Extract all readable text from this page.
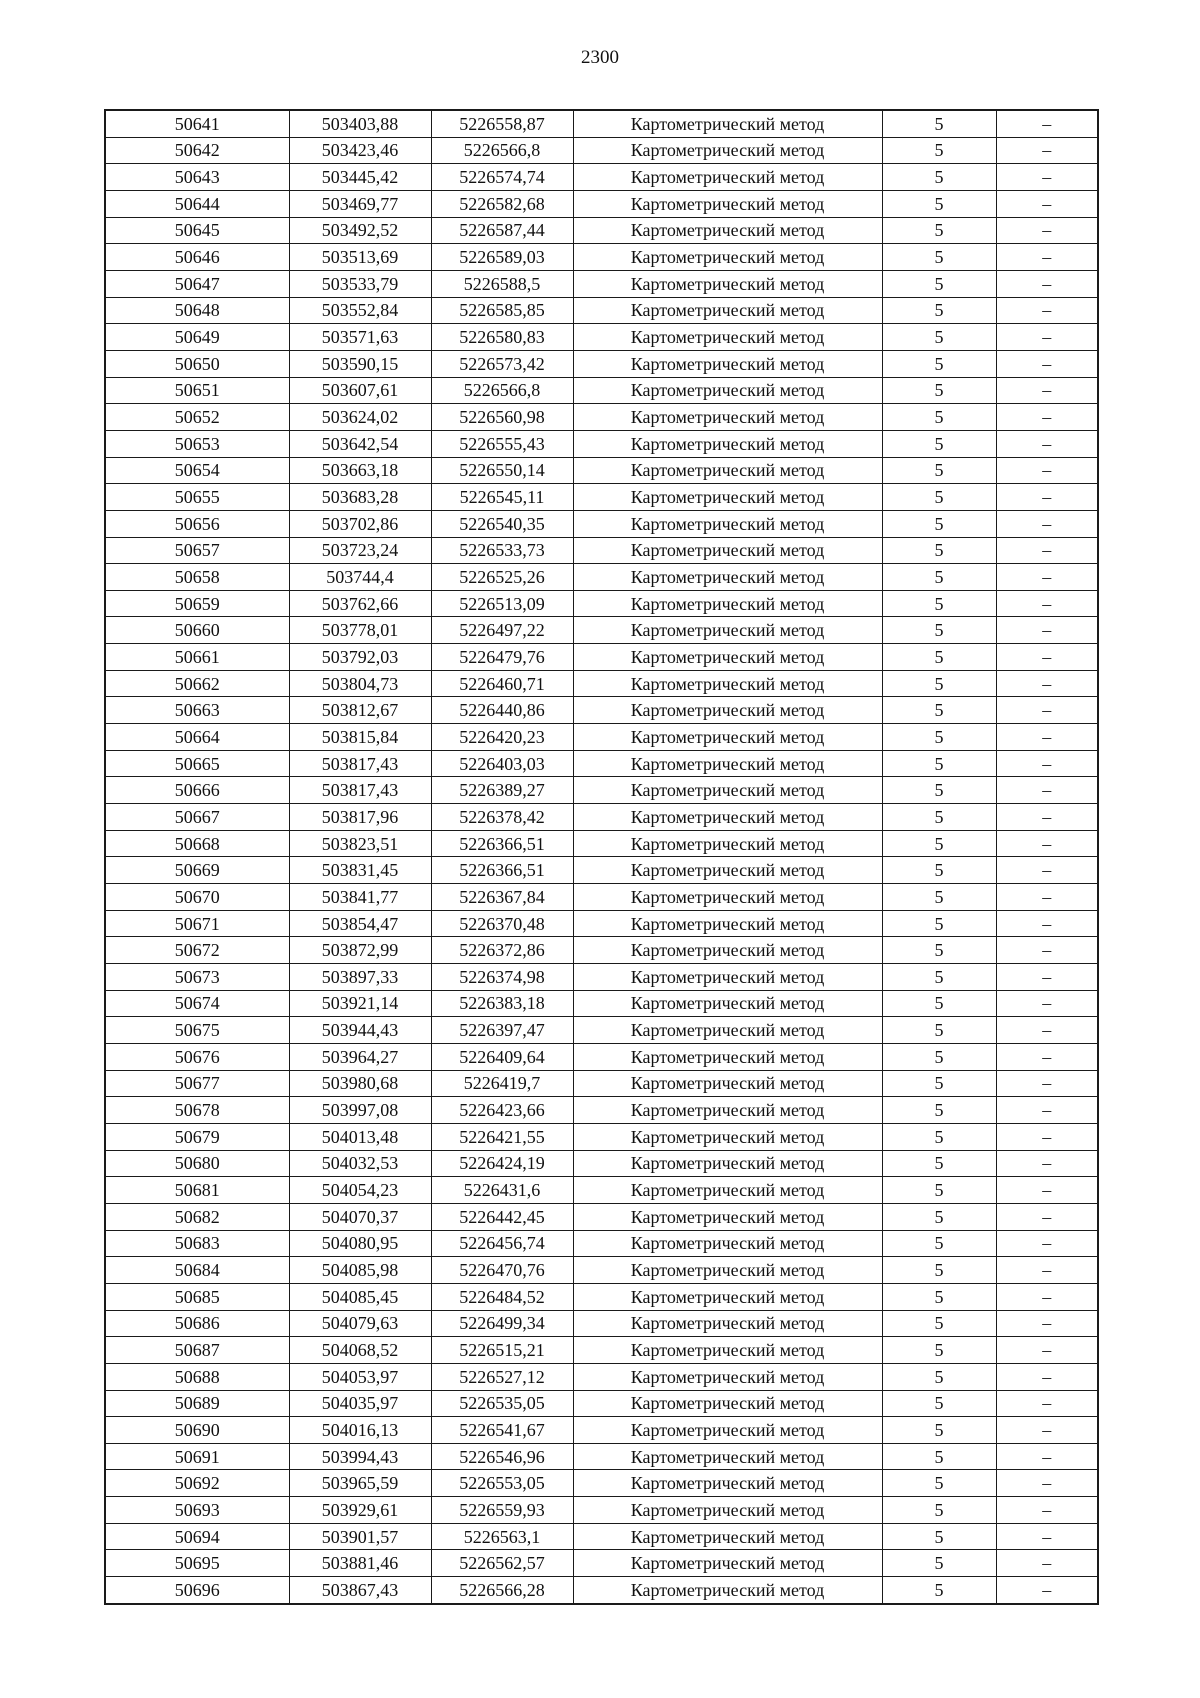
2300
50641	503403,88	5226558,87	Картометрический метод	5	–
50642	503423,46	5226566,8	Картометрический метод	5	–
50643	503445,42	5226574,74	Картометрический метод	5	–
50644	503469,77	5226582,68	Картометрический метод	5	–
50645	503492,52	5226587,44	Картометрический метод	5	–
50646	503513,69	5226589,03	Картометрический метод	5	–
50647	503533,79	5226588,5	Картометрический метод	5	–
50648	503552,84	5226585,85	Картометрический метод	5	–
50649	503571,63	5226580,83	Картометрический метод	5	–
50650	503590,15	5226573,42	Картометрический метод	5	–
50651	503607,61	5226566,8	Картометрический метод	5	–
50652	503624,02	5226560,98	Картометрический метод	5	–
50653	503642,54	5226555,43	Картометрический метод	5	–
50654	503663,18	5226550,14	Картометрический метод	5	–
50655	503683,28	5226545,11	Картометрический метод	5	–
50656	503702,86	5226540,35	Картометрический метод	5	–
50657	503723,24	5226533,73	Картометрический метод	5	–
50658	503744,4	5226525,26	Картометрический метод	5	–
50659	503762,66	5226513,09	Картометрический метод	5	–
50660	503778,01	5226497,22	Картометрический метод	5	–
50661	503792,03	5226479,76	Картометрический метод	5	–
50662	503804,73	5226460,71	Картометрический метод	5	–
50663	503812,67	5226440,86	Картометрический метод	5	–
50664	503815,84	5226420,23	Картометрический метод	5	–
50665	503817,43	5226403,03	Картометрический метод	5	–
50666	503817,43	5226389,27	Картометрический метод	5	–
50667	503817,96	5226378,42	Картометрический метод	5	–
50668	503823,51	5226366,51	Картометрический метод	5	–
50669	503831,45	5226366,51	Картометрический метод	5	–
50670	503841,77	5226367,84	Картометрический метод	5	–
50671	503854,47	5226370,48	Картометрический метод	5	–
50672	503872,99	5226372,86	Картометрический метод	5	–
50673	503897,33	5226374,98	Картометрический метод	5	–
50674	503921,14	5226383,18	Картометрический метод	5	–
50675	503944,43	5226397,47	Картометрический метод	5	–
50676	503964,27	5226409,64	Картометрический метод	5	–
50677	503980,68	5226419,7	Картометрический метод	5	–
50678	503997,08	5226423,66	Картометрический метод	5	–
50679	504013,48	5226421,55	Картометрический метод	5	–
50680	504032,53	5226424,19	Картометрический метод	5	–
50681	504054,23	5226431,6	Картометрический метод	5	–
50682	504070,37	5226442,45	Картометрический метод	5	–
50683	504080,95	5226456,74	Картометрический метод	5	–
50684	504085,98	5226470,76	Картометрический метод	5	–
50685	504085,45	5226484,52	Картометрический метод	5	–
50686	504079,63	5226499,34	Картометрический метод	5	–
50687	504068,52	5226515,21	Картометрический метод	5	–
50688	504053,97	5226527,12	Картометрический метод	5	–
50689	504035,97	5226535,05	Картометрический метод	5	–
50690	504016,13	5226541,67	Картометрический метод	5	–
50691	503994,43	5226546,96	Картометрический метод	5	–
50692	503965,59	5226553,05	Картометрический метод	5	–
50693	503929,61	5226559,93	Картометрический метод	5	–
50694	503901,57	5226563,1	Картометрический метод	5	–
50695	503881,46	5226562,57	Картометрический метод	5	–
50696	503867,43	5226566,28	Картометрический метод	5	–
